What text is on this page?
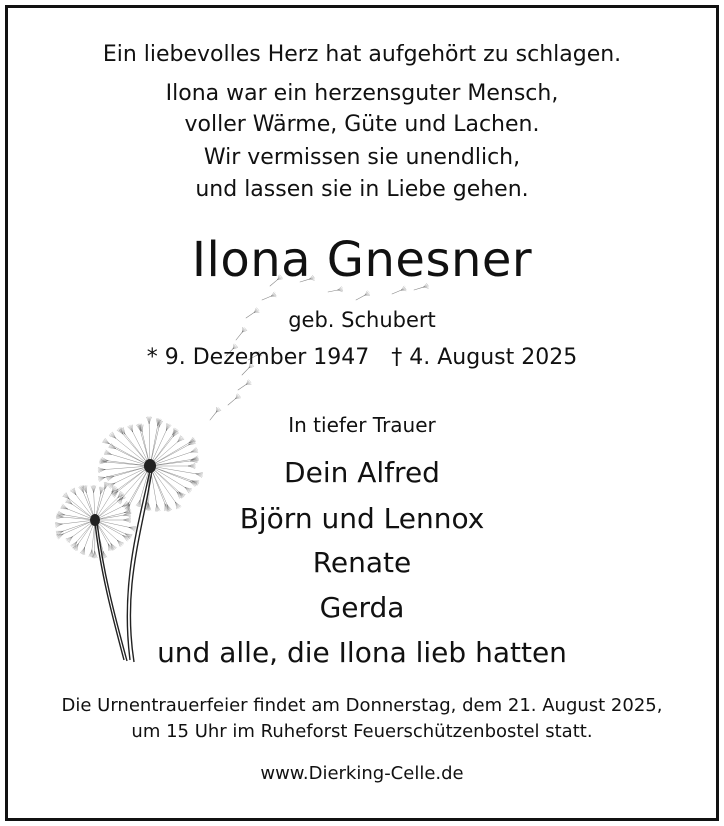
Ein liebevolles Herz hat aufgehört zu schlagen.
Ilona war ein herzensguter Mensch,
voller Wärme, Güte und Lachen.
Wir vermissen sie unendlich,
und lassen sie in Liebe gehen.
Ilona Gnesner
geb. Schubert
* 9. Dezember 1947 † 4. August 2025
In tiefer Trauer
Dein Alfred
Björn und Lennox
Renate
Gerda
und alle, die Ilona lieb hatten
Die Urnentrauerfeier findet am Donnerstag, dem 21. August 2025,
um 15 Uhr im Ruheforst Feuerschützenbostel statt.
www.Dierking-Celle.de
